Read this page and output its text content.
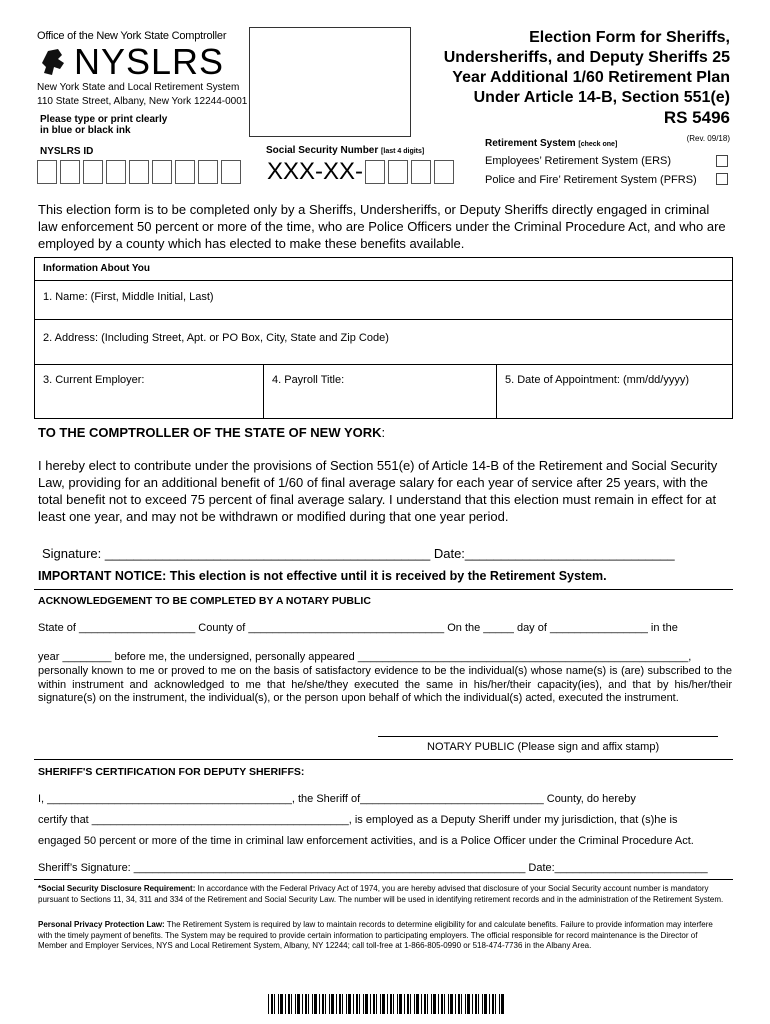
Office of the New York State Comptroller
NYSLRS
New York State and Local Retirement System
110 State Street, Albany, New York 12244-0001
Please type or print clearly
in blue or black ink
Election Form for Sheriffs,
Undersheriffs, and Deputy Sheriffs 25
Year Additional 1/60 Retirement Plan
Under Article 14-B, Section 551(e)
RS 5496
(Rev. 09/18)
NYSLRS ID	Social Security Number [last 4 digits]
XXX-XX-
Retirement System [check one]
Employees’ Retirement System (ERS)
Police and Fire’ Retirement System (PFRS)
This election form is to be completed only by a Sheriffs, Undersheriffs, or Deputy Sheriffs directly engaged in criminal law enforcement 50 percent or more of the time, who are Police Officers under the Criminal Procedure Act, and who are employed by a county which has elected to make these benefits available.
Information About You
1. Name: (First, Middle Initial, Last)
2. Address: (Including Street, Apt. or PO Box, City, State and Zip Code)
3. Current Employer:	4. Payroll Title:	5. Date of Appointment: (mm/dd/yyyy)
TO THE COMPTROLLER OF THE STATE OF NEW YORK:
I hereby elect to contribute under the provisions of Section 551(e) of Article 14-B of the Retirement and Social Security Law, providing for an additional benefit of 1/60 of final average salary for each year of service after 25 years, with the total benefit not to exceed 75 percent of final average salary. I understand that this election must remain in effect for at least one year, and may not be withdrawn or modified during that one year period.
Signature: _____________________________________________ Date:_____________________________
IMPORTANT NOTICE: This election is not effective until it is received by the Retirement System.
ACKNOWLEDGEMENT TO BE COMPLETED BY A NOTARY PUBLIC
State of ___________________ County of ________________________________ On the _____ day of ________________ in the
year ________ before me, the undersigned, personally appeared ______________________________________________________,
personally known to me or proved to me on the basis of satisfactory evidence to be the individual(s) whose name(s) is (are) subscribed to the within instrument and acknowledged to me that he/she/they executed the same in his/her/their capacity(ies), and that by his/her/their signature(s) on the instrument, the individual(s), or the person upon behalf of which the individual(s) acted, executed the instrument.
NOTARY PUBLIC (Please sign and affix stamp)
SHERIFF'S CERTIFICATION FOR DEPUTY SHERIFFS:
I, ________________________________________, the Sheriff of______________________________ County, do hereby
certify that __________________________________________, is employed as a Deputy Sheriff under my jurisdiction, that (s)he is
engaged 50 percent or more of the time in criminal law enforcement activities, and is a Police Officer under the Criminal Procedure Act.
Sheriff’s Signature: ________________________________________________________________ Date:_________________________
*Social Security Disclosure Requirement: In accordance with the Federal Privacy Act of 1974, you are hereby advised that disclosure of your Social Security account number is mandatory pursuant to Sections 11, 34, 311 and 334 of the Retirement and Social Security Law. The number will be used in identifying retirement records and in the administration of the Retirement System.
Personal Privacy Protection Law: The Retirement System is required by law to maintain records to determine eligibility for and calculate benefits. Failure to provide information may interfere with the timely payment of benefits. The System may be required to provide certain information to participating employers. The official responsible for record maintenance is the Director of Member and Employer Services, NYS and Local Retirement System, Albany, NY 12244; call toll-free at 1-866-805-0990 or 518-474-7736 in the Albany Area.
